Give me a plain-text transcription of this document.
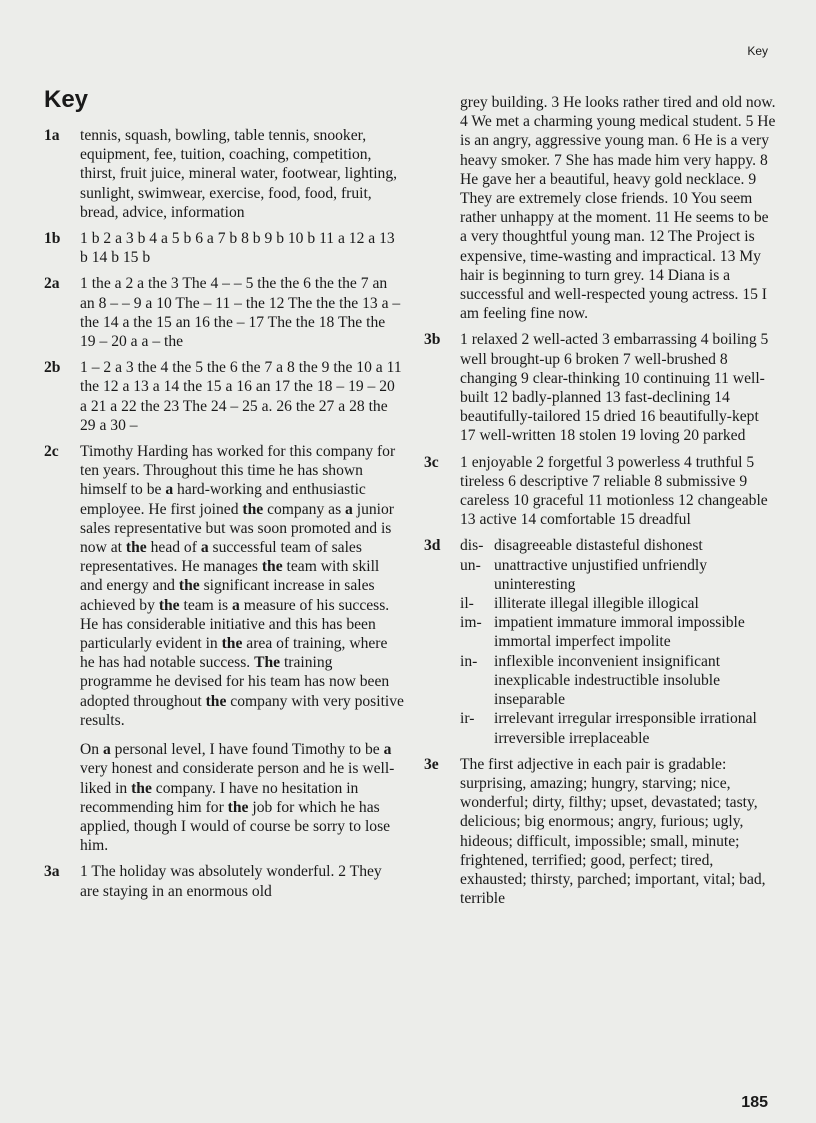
Key
Key
1a tennis, squash, bowling, table tennis, snooker, equipment, fee, tuition, coaching, competition, thirst, fruit juice, mineral water, footwear, lighting, sunlight, swimwear, exercise, food, food, fruit, bread, advice, information
1b 1 b 2 a 3 b 4 a 5 b 6 a 7 b 8 b 9 b 10 b 11 a 12 a 13 b 14 b 15 b
2a 1 the a 2 a the 3 The 4 – – 5 the the 6 the the 7 an an 8 – – 9 a 10 The – 11 – the 12 The the the 13 a – the 14 a the 15 an 16 the – 17 The the 18 The the 19 – 20 a a – the
2b 1 – 2 a 3 the 4 the 5 the 6 the 7 a 8 the 9 the 10 a 11 the 12 a 13 a 14 the 15 a 16 an 17 the 18 – 19 – 20 a 21 a 22 the 23 The 24 – 25 a. 26 the 27 a 28 the 29 a 30 –
2c Timothy Harding has worked for this company for ten years. Throughout this time he has shown himself to be a hard-working and enthusiastic employee. He first joined the company as a junior sales representative but was soon promoted and is now at the head of a successful team of sales representatives. He manages the team with skill and energy and the significant increase in sales achieved by the team is a measure of his success. He has considerable initiative and this has been particularly evident in the area of training, where he has had notable success. The training programme he devised for his team has now been adopted throughout the company with very positive results.

On a personal level, I have found Timothy to be a very honest and considerate person and he is well-liked in the company. I have no hesitation in recommending him for the job for which he has applied, though I would of course be sorry to lose him.

3a 1 The holiday was absolutely wonderful. 2 They are staying in an enormous old
grey building. 3 He looks rather tired and old now. 4 We met a charming young medical student. 5 He is an angry, aggressive young man. 6 He is a very heavy smoker. 7 She has made him very happy. 8 He gave her a beautiful, heavy gold necklace. 9 They are extremely close friends. 10 You seem rather unhappy at the moment. 11 He seems to be a very thoughtful young man. 12 The Project is expensive, time-wasting and impractical. 13 My hair is beginning to turn grey. 14 Diana is a successful and well-respected young actress. 15 I am feeling fine now.
3b 1 relaxed 2 well-acted 3 embarrassing 4 boiling 5 well brought-up 6 broken 7 well-brushed 8 changing 9 clear-thinking 10 continuing 11 well-built 12 badly-planned 13 fast-declining 14 beautifully-tailored 15 dried 16 beautifully-kept 17 well-written 18 stolen 19 loving 20 parked
3c 1 enjoyable 2 forgetful 3 powerless 4 truthful 5 tireless 6 descriptive 7 reliable 8 submissive 9 careless 10 graceful 11 motionless 12 changeable 13 active 14 comfortable 15 dreadful
3d dis- disagreeable distasteful dishonest
un- unattractive unjustified unfriendly uninteresting
il-	illiterate illegal illegible illogical
im- impatient immature immoral impossible immortal imperfect impolite
in-	inflexible inconvenient insignificant inexplicable indestructible insoluble inseparable
ir-	irrelevant irregular irresponsible irrational irreversible irreplaceable
3e The first adjective in each pair is gradable: surprising, amazing; hungry, starving; nice, wonderful; dirty, filthy; upset, devastated; tasty, delicious; big enormous; angry, furious; ugly, hideous; difficult, impossible; small, minute; frightened, terrified; good, perfect; tired, exhausted; thirsty, parched; important, vital; bad, terrible
185
